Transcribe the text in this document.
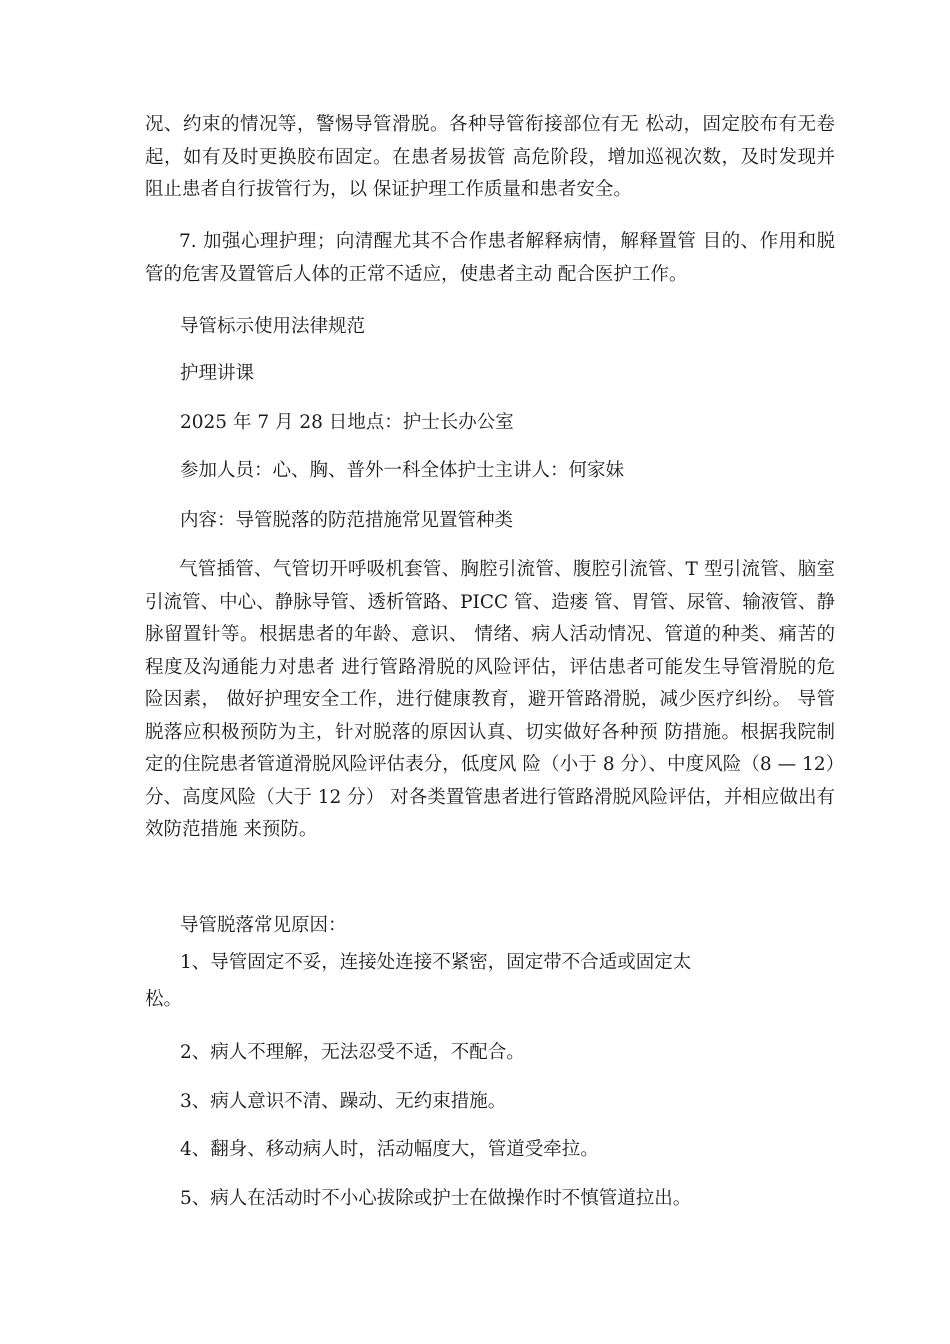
况、约束的情况等，警惕导管滑脱。各种导管衔接部位有无 松动，固定胶布有无卷起，如有及时更换胶布固定。在患者易拔管 高危阶段，增加巡视次数，及时发现并阻止患者自行拔管行为，以 保证护理工作质量和患者安全。

7. 加强心理护理；向清醒尤其不合作患者解释病情，解释置管 目的、作用和脱管的危害及置管后人体的正常不适应，使患者主动 配合医护工作。

导管标示使用法律规范

护理讲课

2025 年 7 月 28 日地点：护士长办公室

参加人员：心、胸、普外一科全体护士主讲人：何家妹

内容：导管脱落的防范措施常见置管种类

气管插管、气管切开呼吸机套管、胸腔引流管、腹腔引流管、T 型引流管、脑室引流管、中心、静脉导管、透析管路、PICC 管、造瘘 管、胃管、尿管、输液管、静脉留置针等。根据患者的年龄、意识、 情绪、病人活动情况、管道的种类、痛苦的程度及沟通能力对患者 进行管路滑脱的风险评估，评估患者可能发生导管滑脱的危险因素， 做好护理安全工作，进行健康教育，避开管路滑脱，减少医疗纠纷。 导管脱落应积极预防为主，针对脱落的原因认真、切实做好各种预 防措施。根据我院制定的住院患者管道滑脱风险评估表分，低度风 险（小于 8 分）、中度风险（8 — 12）分、高度风险（大于 12 分） 对各类置管患者进行管路滑脱风险评估，并相应做出有效防范措施 来预防。

导管脱落常见原因：

1、导管固定不妥，连接处连接不紧密，固定带不合适或固定太

松。

2、病人不理解，无法忍受不适，不配合。

3、病人意识不清、躁动、无约束措施。

4、翻身、移动病人时，活动幅度大，管道受牵拉。

5、病人在活动时不小心拔除或护士在做操作时不慎管道拉出。
